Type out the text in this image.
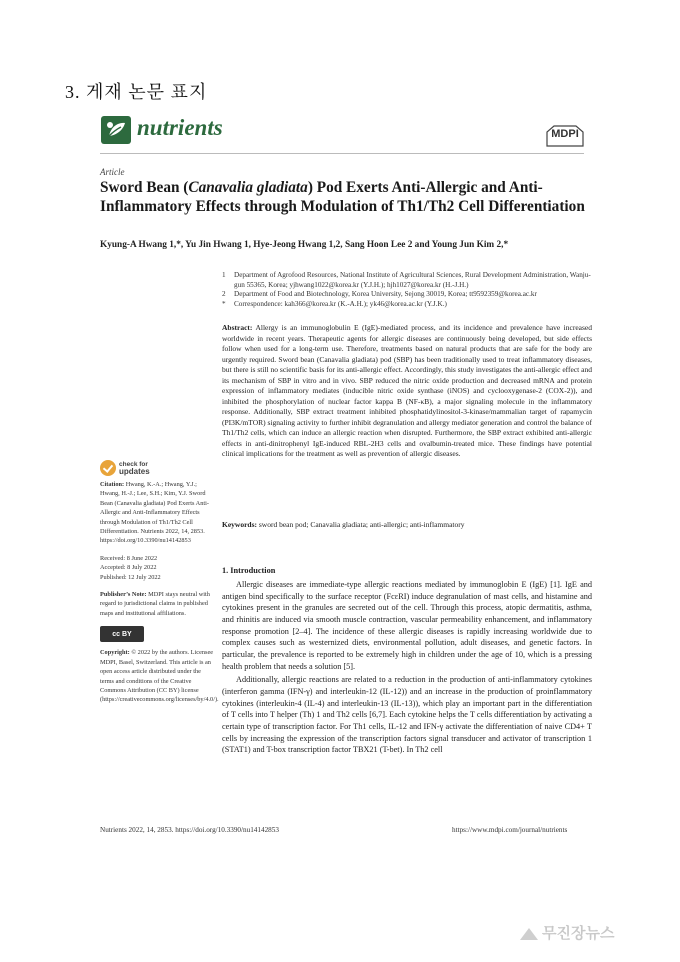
3. 게재 논문 표지
nutrients	MDPI
Article
Sword Bean (Canavalia gladiata) Pod Exerts Anti-Allergic and Anti-Inflammatory Effects through Modulation of Th1/Th2 Cell Differentiation
Kyung-A Hwang 1,*, Yu Jin Hwang 1, Hye-Jeong Hwang 1,2, Sang Hoon Lee 2 and Young Jun Kim 2,*
1	Department of Agrofood Resources, National Institute of Agricultural Sciences, Rural Development Administration, Wanju-gun 55365, Korea; yjhwang1022@korea.kr (Y.J.H.); hjh1027@korea.kr (H.-J.H.)
2	Department of Food and Biotechnology, Korea University, Sejong 30019, Korea; tt9592359@korea.ac.kr
*	Correspondence: kah366@korea.kr (K.-A.H.); yk46@korea.ac.kr (Y.J.K.)
Abstract: Allergy is an immunoglobulin E (IgE)-mediated process, and its incidence and prevalence have increased worldwide in recent years. Therapeutic agents for allergic diseases are continuously being developed, but side effects follow when used for a long-term use. Therefore, treatments based on natural products that are safe for the body are urgently required. Sword bean (Canavalia gladiata) pod (SBP) has been traditionally used to treat inflammatory diseases, but there is still no scientific basis for its anti-allergic effect. Accordingly, this study investigates the anti-allergic effect and its mechanism of SBP in vitro and in vivo. SBP reduced the nitric oxide production and decreased mRNA and protein expression of inflammatory mediates (inducible nitric oxide synthase (iNOS) and cyclooxygenase-2 (COX-2)), and inhibited the phosphorylation of nuclear factor kappa B (NF-κB), a major signaling molecule in the inflammatory response. Additionally, SBP extract treatment inhibited phosphatidylinositol-3-kinase/mammalian target of rapamycin (PI3K/mTOR) signaling activity to further inhibit degranulation and allergy mediator generation and control the balance of Th1/Th2 cells, which can induce an allergic reaction when disrupted. Furthermore, the SBP extract exhibited anti-allergic effects in anti-dinitrophenyl IgE-induced RBL-2H3 cells and ovalbumin-treated mice. These findings have potential clinical implications for the treatment as well as prevention of allergic diseases.
Keywords: sword bean pod; Canavalia gladiata; anti-allergic; anti-inflammatory
check for
updates
Citation: Hwang, K.-A.; Hwang, Y.J.; Hwang, H.-J.; Lee, S.H.; Kim, Y.J. Sword Bean (Canavalia gladiata) Pod Exerts Anti-Allergic and Anti-Inflammatory Effects through Modulation of Th1/Th2 Cell Differentiation. Nutrients 2022, 14, 2853. https://doi.org/10.3390/nu14142853
Received: 8 June 2022
Accepted: 8 July 2022
Published: 12 July 2022
Publisher’s Note: MDPI stays neutral with regard to jurisdictional claims in published maps and institutional affiliations.
cc BY
Copyright: © 2022 by the authors. Licensee MDPI, Basel, Switzerland. This article is an open access article distributed under the terms and conditions of the Creative Commons Attribution (CC BY) license (https://creativecommons.org/licenses/by/4.0/).
1. Introduction

Allergic diseases are immediate-type allergic reactions mediated by immunoglobin E (IgE) [1]. IgE and antigen bind specifically to the surface receptor (FcεRI) induce degranulation of mast cells, and histamine and cytokines present in the granules are secreted out of the cell. Through this process, atopic dermatitis, asthma, and rhinitis are induced via smooth muscle contraction, vascular permeability enhancement, and inflammatory response promotion [2–4]. The incidence of these allergic diseases is rapidly increasing worldwide due to complex causes such as westernized diets, environmental pollution, adult diseases, and genetic factors. In particular, the prevalence is reported to be extremely high in children under the age of 10, which is a pressing health problem that needs a solution [5].

Additionally, allergic reactions are related to a reduction in the production of anti-inflammatory cytokines (interferon gamma (IFN-γ) and interleukin-12 (IL-12)) and an increase in the production of proinflammatory cytokines (interleukin-4 (IL-4) and interleukin-13 (IL-13)), which play an important part in the differentiation of T cells into T helper (Th) 1 and Th2 cells [6,7]. Each cytokine helps the T cells differentiation by activating a certain type of transcription factor. For Th1 cells, IL-12 and IFN-γ activate the differentiation of naive CD4+ T cells by increasing the expression of the transcription factors signal transducer and activator of transcription 1 (STAT1) and T-box transcription factor TBX21 (T-bet). In Th2 cell

Nutrients 2022, 14, 2853. https://doi.org/10.3390/nu14142853	https://www.mdpi.com/journal/nutrients
무진장뉴스
